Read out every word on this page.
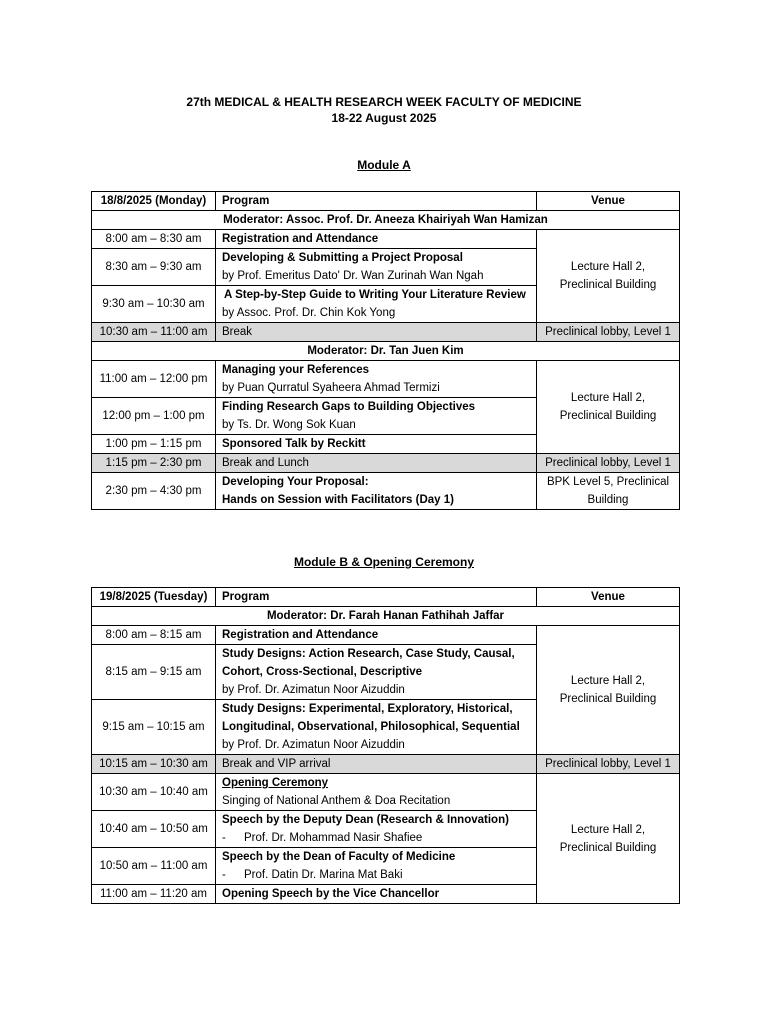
27th MEDICAL & HEALTH RESEARCH WEEK FACULTY OF MEDICINE
18-22 August 2025
Module A
18/8/2025 (Monday)	Program	Venue
Moderator: Assoc. Prof. Dr. Aneeza Khairiyah Wan Hamizan		
8:00 am – 8:30 am	Registration and Attendance	Lecture Hall 2, Preclinical Building
8:30 am – 9:30 am	Developing & Submitting a Project Proposal
by Prof. Emeritus Dato' Dr. Wan Zurinah Wan Ngah	

9:30 am – 10:30 am	A Step-by-Step Guide to Writing Your Literature Review
by Assoc. Prof. Dr. Chin Kok Yong	

10:30 am – 11:00 am	Break	Preclinical lobby, Level 1
Moderator: Dr. Tan Juen Kim		
11:00 am – 12:00 pm	Managing your References
by Puan Qurratul Syaheera Ahmad Termizi	Lecture Hall 2, Preclinical Building
12:00 pm – 1:00 pm	Finding Research Gaps to Building Objectives
by Ts. Dr. Wong Sok Kuan	

1:00 pm – 1:15 pm	Sponsored Talk by Reckitt	
1:15 pm – 2:30 pm	Break and Lunch	Preclinical lobby, Level 1
2:30 pm – 4:30 pm	Developing Your Proposal:
Hands on Session with Facilitators (Day 1)	BPK Level 5, Preclinical Building
Module B & Opening Ceremony
19/8/2025 (Tuesday)	Program	Venue
Moderator: Dr. Farah Hanan Fathihah Jaffar		
8:00 am – 8:15 am	Registration and Attendance	Lecture Hall 2, Preclinical Building
8:15 am – 9:15 am	Study Designs: Action Research, Case Study, Causal,
Cohort, Cross-Sectional, Descriptive
by Prof. Dr. Azimatun Noor Aizuddin	

9:15 am – 10:15 am	Study Designs: Experimental, Exploratory, Historical,
Longitudinal, Observational, Philosophical, Sequential
by Prof. Dr. Azimatun Noor Aizuddin	

10:15 am – 10:30 am	Break and VIP arrival	Preclinical lobby, Level 1
10:30 am – 10:40 am	Opening Ceremony
Singing of National Anthem & Doa Recitation	Lecture Hall 2, Preclinical Building
10:40 am – 10:50 am	Speech by the Deputy Dean (Research & Innovation)
- Prof. Dr. Mohammad Nasir Shafiee	

10:50 am – 11:00 am	Speech by the Dean of Faculty of Medicine
- Prof. Datin Dr. Marina Mat Baki	

11:00 am – 11:20 am	Opening Speech by the Vice Chancellor	
